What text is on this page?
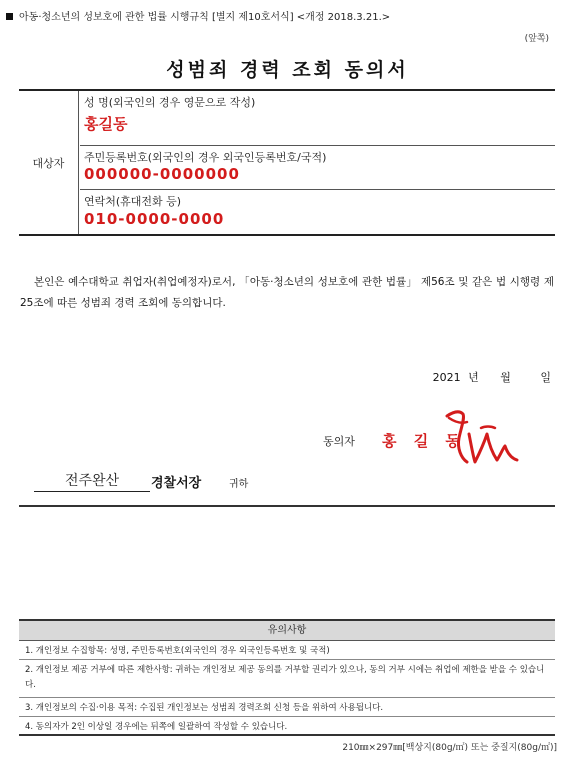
아동·청소년의 성보호에 관한 법률 시행규칙 [별지 제10호서식] <개정 2018.3.21.>
(앞쪽)
성범죄 경력 조회 동의서
대상자
성 명(외국인의 경우 영문으로 작성)
홍길동
주민등록번호(외국인의 경우 외국인등록번호/국적)
000000-0000000
연락처(휴대전화 등)
010-0000-0000
본인은 예수대학교 취업자(취업예정자)로서, 「아동·청소년의 성보호에 관한 법률」 제56조 및 같은 법 시행령 제25조에 따른 성범죄 경력 조회에 동의합니다.
2021 년 월	일
동의자 홍 길 동
전주완산	경찰서장	귀하
유의사항
1. 개인정보 수집항목: 성명, 주민등록번호(외국인의 경우 외국인등록번호 및 국적)
2. 개인정보 제공 거부에 따른 제한사항: 귀하는 개인정보 제공 동의를 거부할 권리가 있으나, 동의 거부 시에는 취업에 제한을 받을 수 있습니다.
3. 개인정보의 수집·이용 목적: 수집된 개인정보는 성범죄 경력조회 신청 등을 위하여 사용됩니다.
4. 동의자가 2인 이상일 경우에는 뒤쪽에 일괄하여 작성할 수 있습니다.
210㎜×297㎜[백상지(80g/㎡) 또는 중질지(80g/㎡)]
